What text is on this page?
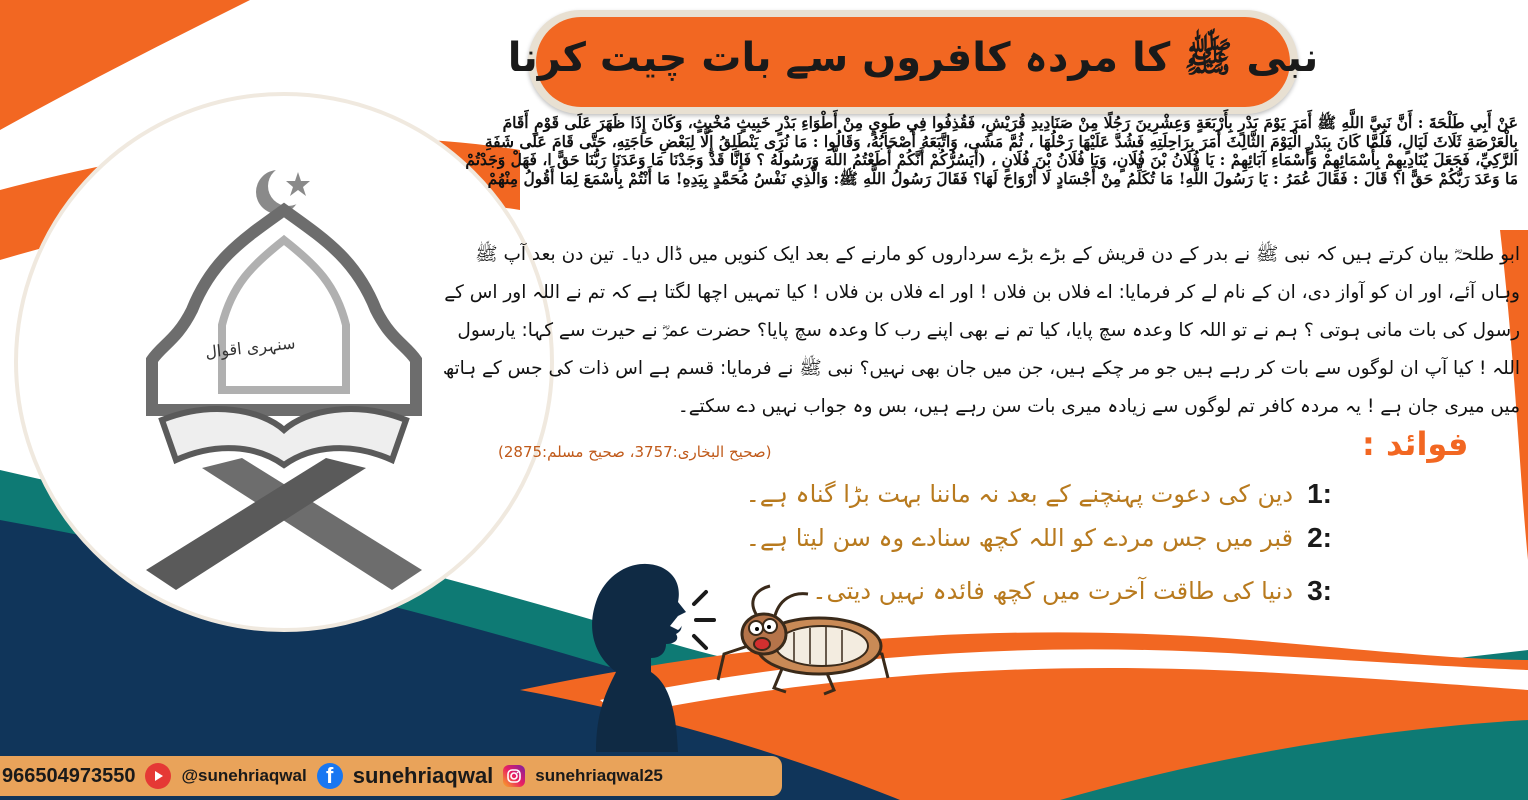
سنہری اقوال
نبی ﷺ کا مردہ کافروں سے بات چیت کرنا
عَنْ أَبِي طَلْحَةَ : أَنَّ نَبِيَّ اللَّهِ ﷺ أَمَرَ يَوْمَ بَدْرٍ بِأَرْبَعَةٍ وَعِشْرِينَ رَجُلًا مِنْ صَنَادِيدِ قُرَيْشٍ، فَقُذِفُوا فِي طَوِيٍ مِنْ أَطْوَاءِ بَدْرٍ خَبِيثٍ مُخْبِثٍ، وَكَانَ إِذَا ظَهَرَ عَلَى قَوْمٍ أَقَامَ بِالْعَرْصَةِ ثَلَاثَ لَيَالٍ، فَلَمَّا كَانَ بِبَدْرٍ الْيَوْمَ الثَّالِثَ أَمَرَ بِرَاحِلَتِهِ فَشُدَّ عَلَيْهَا رَحْلُهَا ، ثُمَّ مَشَى، وَاتَّبَعَهُ أَصْحَابُهُ، وَقَالُوا : مَا نُرَى يَنْطَلِقُ إِلَّا لِبَعْضِ حَاجَتِهِ، حَتَّى قَامَ عَلَى شَفَةِ الرَّكِيِّ، فَجَعَلَ يُنَادِيهِمْ بِأَسْمَائِهِمْ وَأَسْمَاءِ آبَائِهِمْ : يَا فُلَانُ بْنَ فُلَانٍ، وَيَا فُلَانُ بْنَ فُلَانٍ ، (أَيَسُرُّكُمْ أَنَّكُمْ أَطَعْتُمُ اللَّهَ وَرَسُولَهُ ؟ فَإِنَّا قَدْ وَجَدْنَا مَا وَعَدَنَا رَبُّنَا حَقًّ ا، فَهَلْ وَجَدْتُمْ مَا وَعَدَ رَبُّكُمْ حَقًّ ا؟ قَالَ : فَقَالَ عُمَرُ : يَا رَسُولَ اللَّهِ! مَا تُكَلِّمُ مِنْ أَجْسَادٍ لَا أَرْوَاحَ لَهَا؟ فَقَالَ رَسُولُ اللَّهِ ﷺ: وَالَّذِي نَفْسُ مُحَمَّدٍ بِيَدِهِ! مَا أَنْتُمْ بِأَسْمَعَ لِمَا أَقُولُ مِنْهُمْ
ابو طلحہؓ بیان کرتے ہیں کہ نبی ﷺ نے بدر کے دن قریش کے بڑے بڑے سرداروں کو مارنے کے بعد ایک کنویں میں ڈال دیا۔ تین دن بعد آپ ﷺ وہاں آئے، اور ان کو آواز دی، ان کے نام لے کر فرمایا: اے فلاں بن فلاں ! اور اے فلاں بن فلاں ! کیا تمہیں اچھا لگتا ہے کہ تم نے اللہ اور اس کے رسول کی بات مانی ہوتی ؟ ہم نے تو اللہ کا وعدہ سچ پایا، کیا تم نے بھی اپنے رب کا وعدہ سچ پایا؟ حضرت عمرؓ نے حیرت سے کہا: یارسول اللہ ! کیا آپ ان لوگوں سے بات کر رہے ہیں جو مر چکے ہیں، جن میں جان بھی نہیں؟ نبی ﷺ نے فرمایا: قسم ہے اس ذات کی جس کے ہاتھ میں میری جان ہے ! یہ مردہ کافر تم لوگوں سے زیادہ میری بات سن رہے ہیں، بس وہ جواب نہیں دے سکتے۔
(صحیح البخاری:3757، صحیح مسلم:2875)	فوائد :
1:
دین کی دعوت پہنچنے کے بعد نہ ماننا بہت بڑا گناہ ہے۔
2:
قبر میں جس مردے کو اللہ کچھ سنادے وہ سن لیتا ہے۔
3:
دنیا کی طاقت آخرت میں کچھ فائدہ نہیں دیتی۔
966504973550	@sunehriaqwal f sunehriaqwal sunehriaqwal25
